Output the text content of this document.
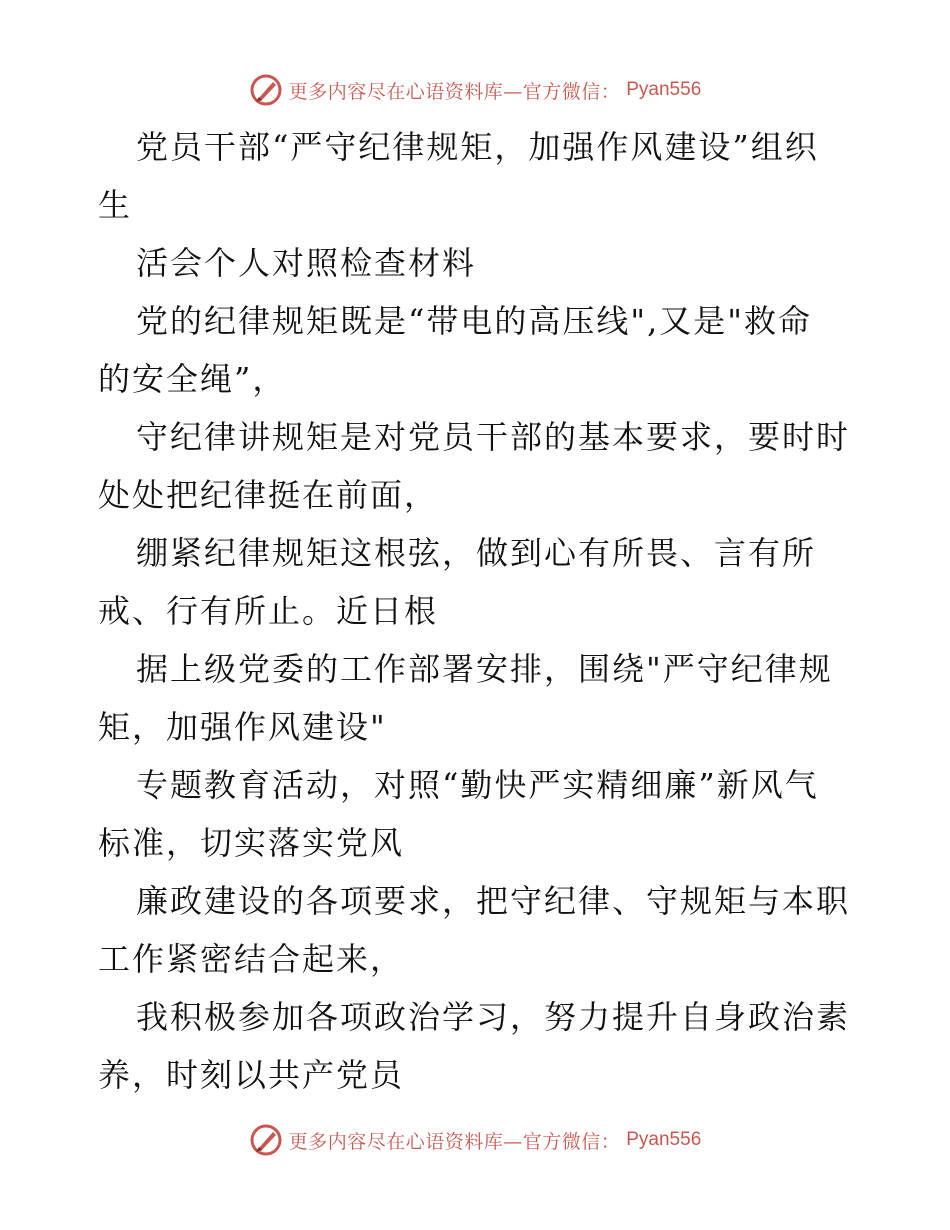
更多内容尽在心语资料库—官方微信： Pyan556
党员干部“严守纪律规矩，加强作风建设”组织
生
活会个人对照检查材料
党的纪律规矩既是“带电的高压线",又是"救命
的安全绳”，
守纪律讲规矩是对党员干部的基本要求，要时时
处处把纪律挺在前面，
绷紧纪律规矩这根弦，做到心有所畏、言有所
戒、行有所止。近日根
据上级党委的工作部署安排，围绕"严守纪律规
矩，加强作风建设"
专题教育活动，对照“勤快严实精细廉”新风气
标准，切实落实党风
廉政建设的各项要求，把守纪律、守规矩与本职
工作紧密结合起来，
我积极参加各项政治学习，努力提升自身政治素
养，时刻以共产党员
更多内容尽在心语资料库—官方微信： Pyan556
